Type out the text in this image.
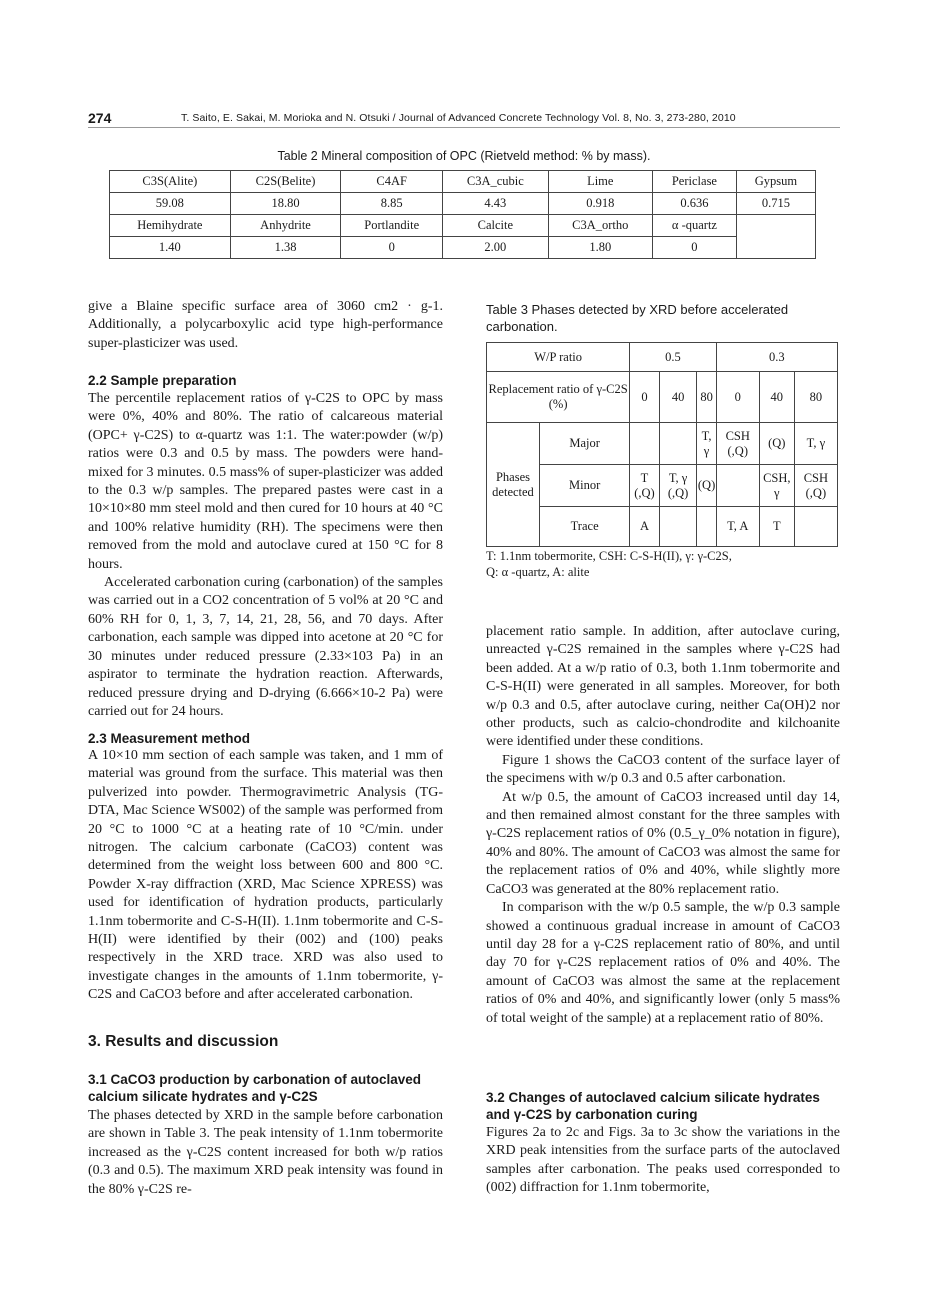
274	T. Saito, E. Sakai, M. Morioka and N. Otsuki / Journal of Advanced Concrete Technology Vol. 8, No. 3, 273-280, 2010
Table 2 Mineral composition of OPC (Rietveld method: % by mass).
C3S(Alite)	C2S(Belite)	C4AF	C3A_cubic	Lime	Periclase	Gypsum
59.08	18.80	8.85	4.43	0.918	0.636	0.715
Hemihydrate	Anhydrite	Portlandite	Calcite	C3A_ortho	α -quartz	
1.40	1.38	0	2.00	1.80	0	

give a Blaine specific surface area of 3060 cm2 · g-1. Additionally, a polycarboxylic acid type high-performance super-plasticizer was used.

2.2 Sample preparation

The percentile replacement ratios of γ-C2S to OPC by mass were 0%, 40% and 80%. The ratio of calcareous material (OPC+ γ-C2S) to α-quartz was 1:1. The water:powder (w/p) ratios were 0.3 and 0.5 by mass. The powders were hand-mixed for 3 minutes. 0.5 mass% of super-plasticizer was added to the 0.3 w/p samples. The prepared pastes were cast in a 10×10×80 mm steel mold and then cured for 10 hours at 40 °C and 100% relative humidity (RH). The specimens were then removed from the mold and autoclave cured at 150 °C for 8 hours.

Accelerated carbonation curing (carbonation) of the samples was carried out in a CO2 concentration of 5 vol% at 20 °C and 60% RH for 0, 1, 3, 7, 14, 21, 28, 56, and 70 days. After carbonation, each sample was dipped into acetone at 20 °C for 30 minutes under reduced pressure (2.33×103 Pa) in an aspirator to terminate the hydration reaction. Afterwards, reduced pressure drying and D-drying (6.666×10-2 Pa) were carried out for 24 hours.

2.3 Measurement method

A 10×10 mm section of each sample was taken, and 1 mm of material was ground from the surface. This material was then pulverized into powder. Thermogravimetric Analysis (TG-DTA, Mac Science WS002) of the sample was performed from 20 °C to 1000 °C at a heating rate of 10 °C/min. under nitrogen. The calcium carbonate (CaCO3) content was determined from the weight loss between 600 and 800 °C. Powder X-ray diffraction (XRD, Mac Science XPRESS) was used for identification of hydration products, particularly 1.1nm tobermorite and C-S-H(II). 1.1nm tobermorite and C-S-H(II) were identified by their (002) and (100) peaks respectively in the XRD trace. XRD was also used to investigate changes in the amounts of 1.1nm tobermorite, γ-C2S and CaCO3 before and after accelerated carbonation.

3. Results and discussion
3.1 CaCO3 production by carbonation of autoclaved calcium silicate hydrates and γ-C2S

The phases detected by XRD in the sample before carbonation are shown in Table 3. The peak intensity of 1.1nm tobermorite increased as the γ-C2S content increased for both w/p ratios (0.3 and 0.5). The maximum XRD peak intensity was found in the 80% γ-C2S re-

Table 3 Phases detected by XRD before accelerated carbonation.
W/P ratio		0.5			0.3		
Replacement ratio of γ-C2S (%)		0	40	80	0	40	80
Phases detected	Major			T, γ	CSH (,Q)	(Q)	T, γ
	Minor	T (,Q)	T, γ (,Q)	(Q)		CSH, γ	CSH (,Q)
	Trace	A			T, A	T	
T: 1.1nm tobermorite, CSH: C-S-H(II), γ: γ-C2S,
Q: α -quartz, A: alite

placement ratio sample. In addition, after autoclave curing, unreacted γ-C2S remained in the samples where γ-C2S had been added. At a w/p ratio of 0.3, both 1.1nm tobermorite and C-S-H(II) were generated in all samples. Moreover, for both w/p 0.3 and 0.5, after autoclave curing, neither Ca(OH)2 nor other products, such as calcio-chondrodite and kilchoanite were identified under these conditions.

Figure 1 shows the CaCO3 content of the surface layer of the specimens with w/p 0.3 and 0.5 after carbonation.

At w/p 0.5, the amount of CaCO3 increased until day 14, and then remained almost constant for the three samples with γ-C2S replacement ratios of 0% (0.5_γ_0% notation in figure), 40% and 80%. The amount of CaCO3 was almost the same for the replacement ratios of 0% and 40%, while slightly more CaCO3 was generated at the 80% replacement ratio.

In comparison with the w/p 0.5 sample, the w/p 0.3 sample showed a continuous gradual increase in amount of CaCO3 until day 28 for a γ-C2S replacement ratio of 80%, and until day 70 for γ-C2S replacement ratios of 0% and 40%. The amount of CaCO3 was almost the same at the replacement ratios of 0% and 40%, and significantly lower (only 5 mass% of total weight of the sample) at a replacement ratio of 80%.

3.2 Changes of autoclaved calcium silicate hydrates and γ-C2S by carbonation curing

Figures 2a to 2c and Figs. 3a to 3c show the variations in the XRD peak intensities from the surface parts of the autoclaved samples after carbonation. The peaks used corresponded to (002) diffraction for 1.1nm tobermorite,
